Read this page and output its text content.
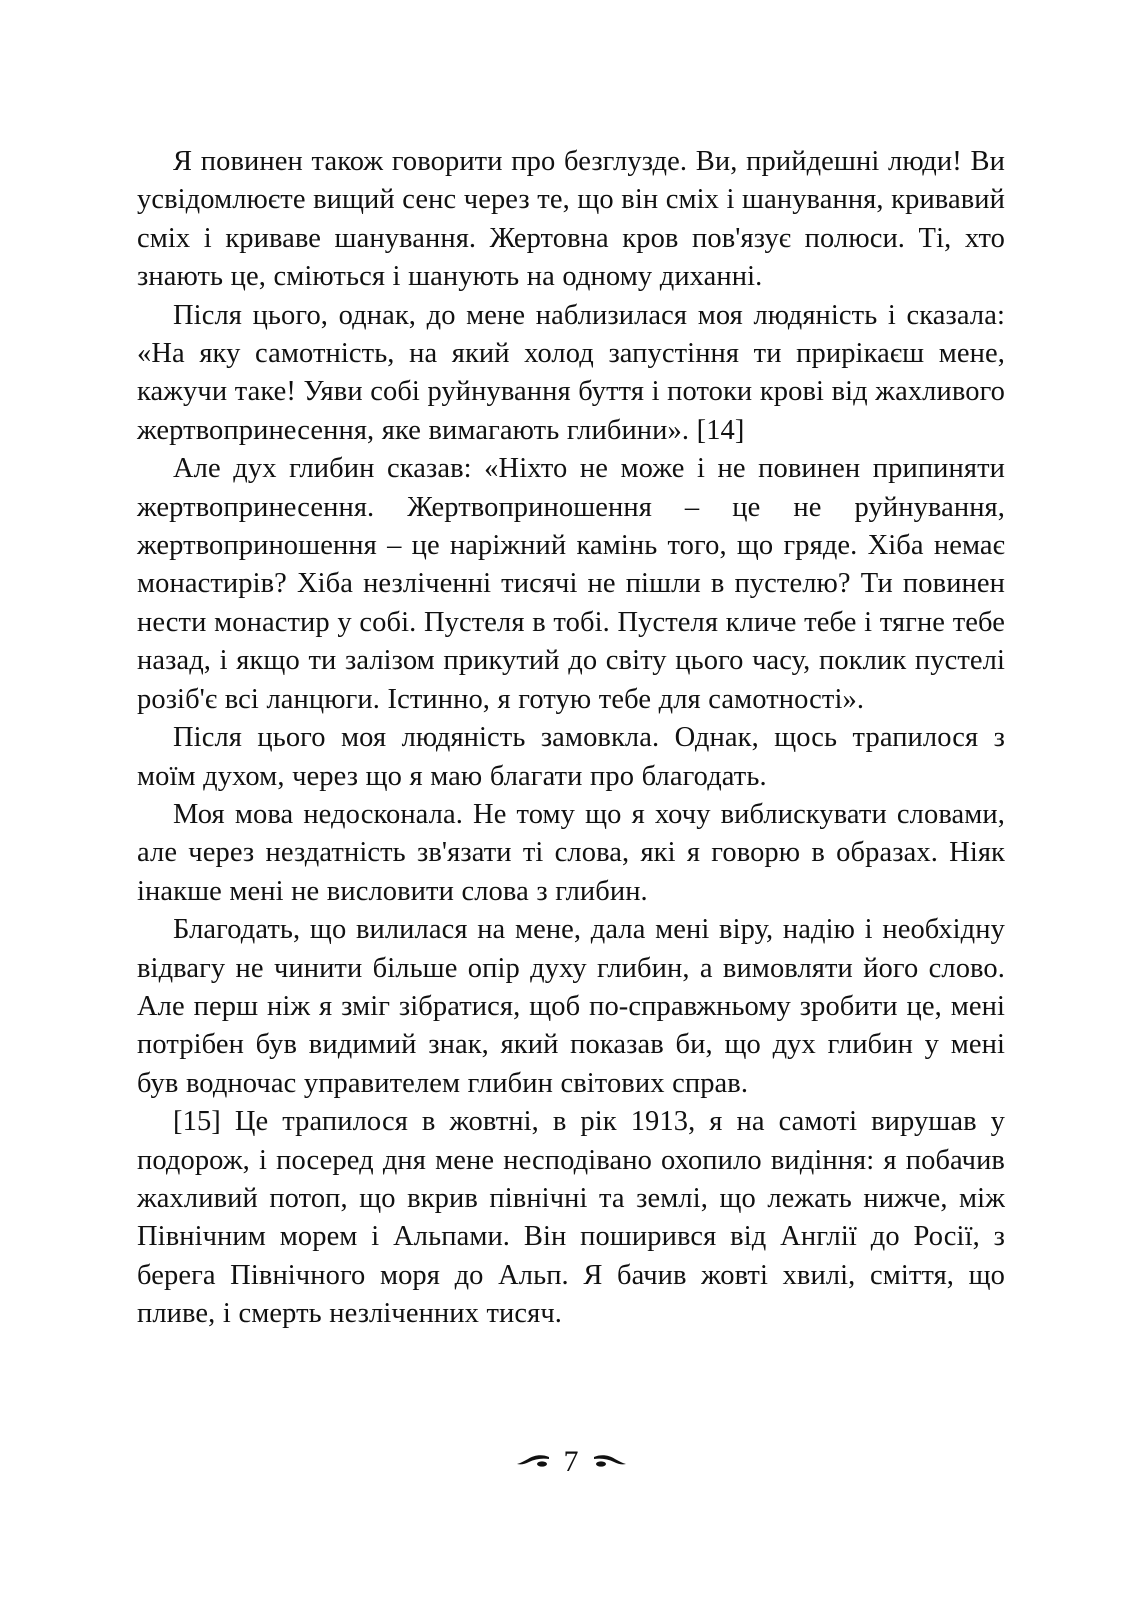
Я повинен також говорити про безглузде. Ви, прийдешні люди! Ви усвідомлюєте вищий сенс через те, що він сміх і шанування, кривавий сміх і криваве шанування. Жертовна кров пов'язує полюси. Ті, хто знають це, сміються і шанують на одному диханні.

Після цього, однак, до мене наблизилася моя людяність і сказала: «На яку самотність, на який холод запустіння ти прирікаєш мене, кажучи таке! Уяви собі руйнування буття і потоки крові від жахливого жертвопринесення, яке вимагають глибини». [14]

Але дух глибин сказав: «Ніхто не може і не повинен припиняти жертвопринесення. Жертвоприношення – це не руйнування, жертвоприношення – це наріжний камінь того, що гряде. Хіба немає монастирів? Хіба незліченні тисячі не пішли в пустелю? Ти повинен нести монастир у собі. Пустеля в тобі. Пустеля кличе тебе і тягне тебе назад, і якщо ти залізом прикутий до світу цього часу, поклик пустелі розіб'є всі ланцюги. Істинно, я готую тебе для самотності».

Після цього моя людяність замовкла. Однак, щось трапилося з моїм духом, через що я маю благати про благодать.

Моя мова недосконала. Не тому що я хочу виблискувати словами, але через нездатність зв'язати ті слова, які я говорю в образах. Ніяк інакше мені не висловити слова з глибин.

Благодать, що вилилася на мене, дала мені віру, надію і необхідну відвагу не чинити більше опір духу глибин, а вимовляти його слово. Але перш ніж я зміг зібратися, щоб по-справжньому зробити це, мені потрібен був видимий знак, який показав би, що дух глибин у мені був водночас управителем глибин світових справ.

[15] Це трапилося в жовтні, в рік 1913, я на самоті вирушав у подорож, і посеред дня мене несподівано охопило видіння: я побачив жахливий потоп, що вкрив північні та землі, що лежать нижче, між Північним морем і Альпами. Він поширився від Англії до Росії, з берега Північного моря до Альп. Я бачив жовті хвилі, сміття, що пливе, і смерть незліченних тисяч.

7
